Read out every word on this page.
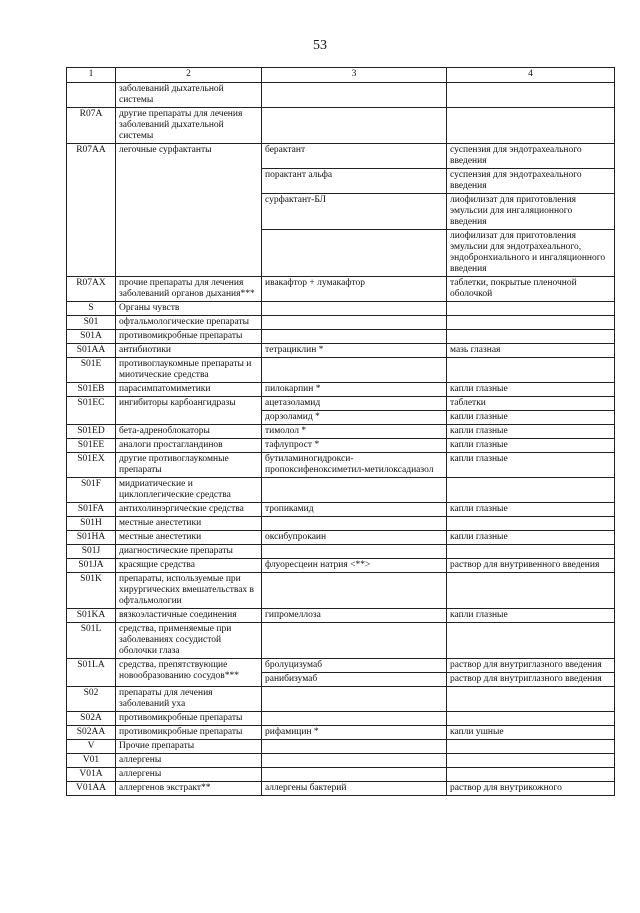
53
1	2	3	4
	заболеваний дыхательной системы		
R07A	другие препараты для лечения заболеваний дыхательной системы		
R07AA	легочные сурфактанты	берактант	суспензия для эндотрахеального введения
		порактант альфа	суспензия для эндотрахеального введения
		сурфактант-БЛ	лиофилизат для приготовления эмульсии для ингаляционного введения
			лиофилизат для приготовления эмульсии для эндотрахеального, эндобронхиального и ингаляционного введения
R07AX	прочие препараты для лечения заболеваний органов дыхания***	ивакафтор + лумакафтор	таблетки, покрытые пленочной оболочкой
S	Органы чувств		
S01	офтальмологические препараты		
S01A	противомикробные препараты		
S01AA	антибиотики	тетрациклин *	мазь глазная
S01E	противоглаукомные препараты и миотические средства		
S01EB	парасимпатомиметики	пилокарпин *	капли глазные
S01EC	ингибиторы карбоангидразы	ацетазоламид	таблетки
		дорзоламид *	капли глазные
S01ED	бета-адреноблокаторы	тимолол *	капли глазные
S01EE	аналоги простагландинов	тафлупрост *	капли глазные
S01EX	другие противоглаукомные препараты	бутиламиногидрокси-пропоксифеноксиметил-метилоксадиазол	капли глазные
S01F	мидриатические и циклоплегические средства		
S01FA	антихолинэргические средства	тропикамид	капли глазные
S01H	местные анестетики		
S01HA	местные анестетики	оксибупрокаин	капли глазные
S01J	диагностические препараты		
S01JA	красящие средства	флуоресцеин натрия <**>	раствор для внутривенного введения
S01K	препараты, используемые при хирургических вмешательствах в офтальмологии		
S01KA	вязкоэластичные соединения	гипромеллоза	капли глазные
S01L	средства, применяемые при заболеваниях сосудистой оболочки глаза		
S01LA	средства, препятствующие новообразованию сосудов***	бролуцизумаб	раствор для внутриглазного введения
		ранибизумаб	раствор для внутриглазного введения
S02	препараты для лечения заболеваний уха		
S02A	противомикробные препараты		
S02AA	противомикробные препараты	рифамицин *	капли ушные
V	Прочие препараты		
V01	аллергены		
V01A	аллергены		
V01AA	аллергенов экстракт**	аллергены бактерий	раствор для внутрикожного
